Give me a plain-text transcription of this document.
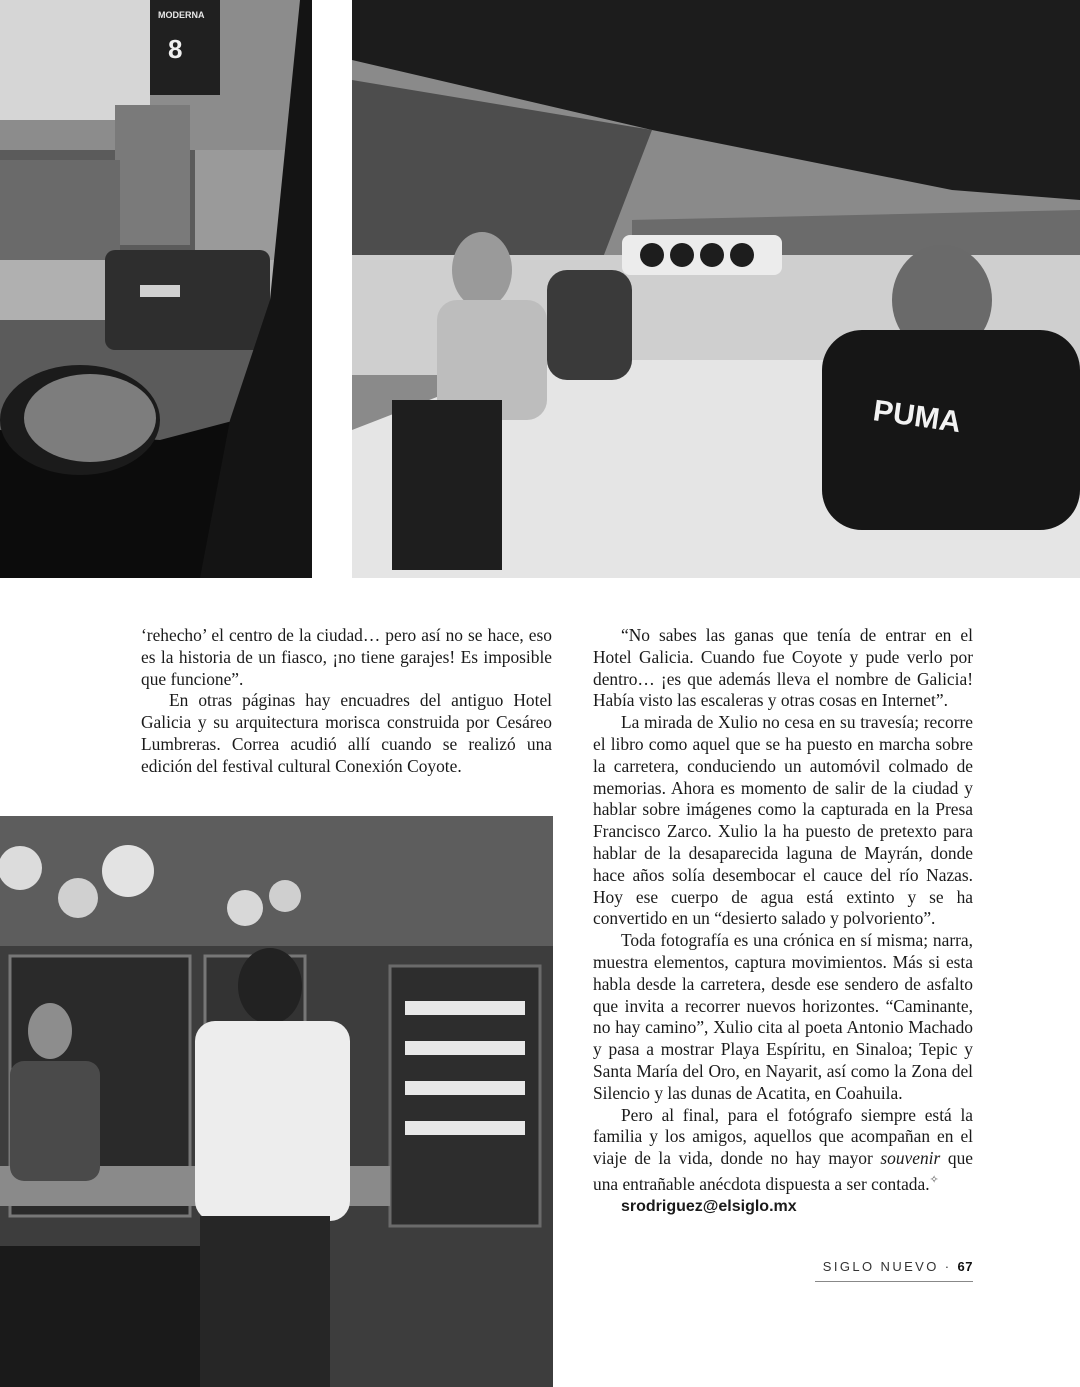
MODERNA
8
PUMA

‘rehecho’ el centro de la ciudad… pero así no se hace, eso es la historia de un fiasco, ¡no tiene garajes! Es imposible que funcione”.

En otras páginas hay encuadres del antiguo Hotel Galicia y su arquitectura morisca construida por Cesáreo Lumbreras. Correa acudió allí cuando se realizó una edición del festival cultural Conexión Coyote.

“No sabes las ganas que tenía de entrar en el Hotel Galicia. Cuando fue Coyote y pude verlo por dentro… ¡es que además lleva el nombre de Galicia! Había visto las escaleras y otras cosas en Internet”.

La mirada de Xulio no cesa en su travesía; recorre el libro como aquel que se ha puesto en marcha sobre la carretera, conduciendo un automóvil colmado de memorias. Ahora es momento de salir de la ciudad y hablar sobre imágenes como la capturada en la Presa Francisco Zarco. Xulio la ha puesto de pretexto para hablar de la desaparecida laguna de Mayrán, donde hace años solía desembocar el cauce del río Nazas. Hoy ese cuerpo de agua está extinto y se ha convertido en un “desierto salado y polvoriento”.

Toda fotografía es una crónica en sí misma; narra, muestra elementos, captura movimientos. Más si esta habla desde la carretera, desde ese sendero de asfalto que invita a recorrer nuevos horizontes. “Caminante, no hay camino”, Xulio cita al poeta Antonio Machado y pasa a mostrar Playa Espíritu, en Sinaloa; Tepic y Santa María del Oro, en Nayarit, así como la Zona del Silencio y las dunas de Acatita, en Coahuila.

Pero al final, para el fotógrafo siempre está la familia y los amigos, aquellos que acompañan en el viaje de la vida, donde no hay mayor souvenir que una entrañable anécdota dispuesta a ser contada.✧

srodriguez@elsiglo.mx

SIGLO NUEVO · 67
